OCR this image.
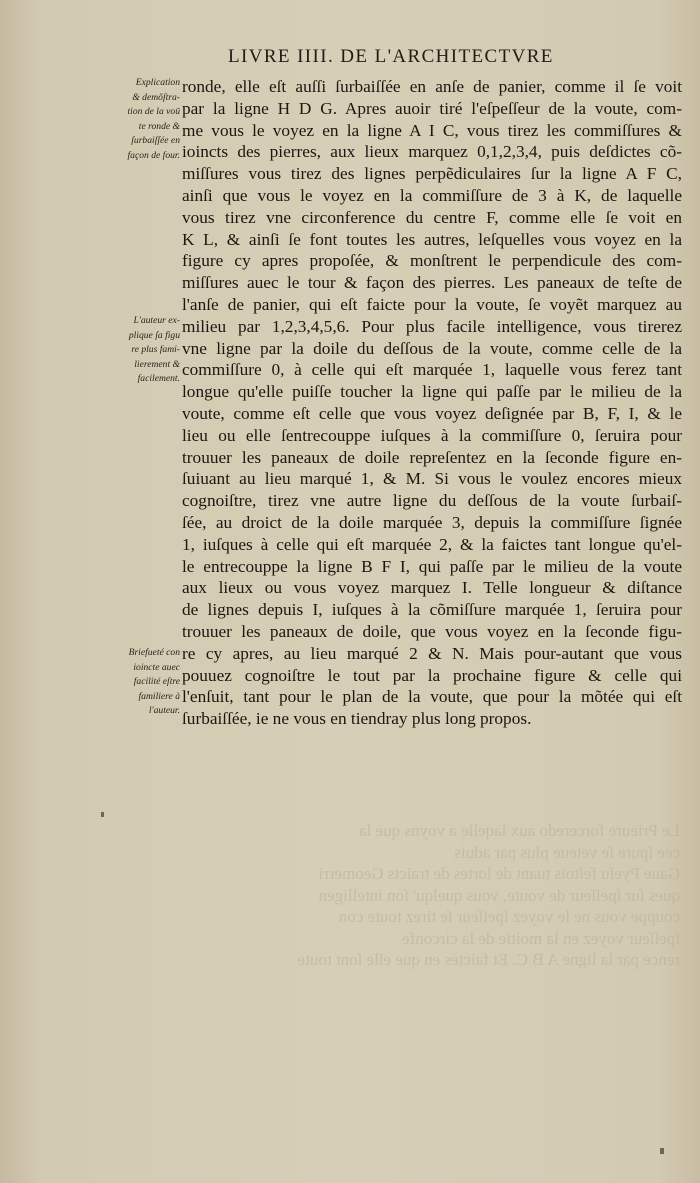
LIVRE IIII. DE L'ARCHITECTVRE
Explication
& demõſtra-
tion de la voū
te ronde &
ſurbaiſſée en
façon de four.
L'auteur ex-
plique ſa figu
re plus fami-
lierement &
facilement.
Briefueté con
ioincte auec
facilité eſtre
familiere à
l'auteur.
ronde, elle eſt auſſi ſurbaiſſée en anſe de panier, comme il ſe voit
par la ligne H D G. Apres auoir tiré l'eſpeſſeur de la voute, com-
me vous le voyez en la ligne A I C, vous tirez les commiſſures &
ioincts des pierres, aux lieux marquez 0,1,2,3,4, puis deſdictes cõ-
miſſures vous tirez des lignes perpẽdiculaires ſur la ligne A F C,
ainſi que vous le voyez en la commiſſure de 3 à K, de laquelle
vous tirez vne circonference du centre F, comme elle ſe voit en
K L, & ainſi ſe font toutes les autres, leſquelles vous voyez en la
figure cy apres propoſée, & monſtrent le perpendicule des com-
miſſures auec le tour & façon des pierres. Les paneaux de teſte de
l'anſe de panier, qui eſt faicte pour la voute, ſe voyẽt marquez au
milieu par 1,2,3,4,5,6. Pour plus facile intelligence, vous tirerez
vne ligne par la doile du deſſous de la voute, comme celle de la
commiſſure 0, à celle qui eſt marquée 1, laquelle vous ferez tant
longue qu'elle puiſſe toucher la ligne qui paſſe par le milieu de la
voute, comme eſt celle que vous voyez deſignée par B, F, I, & le
lieu ou elle ſentrecouppe iuſques à la commiſſure 0, ſeruira pour
trouuer les paneaux de doile repreſentez en la ſeconde figure en-
ſuiuant au lieu marqué 1, & M. Si vous le voulez encores mieux
cognoiſtre, tirez vne autre ligne du deſſous de la voute ſurbaiſ-
ſée, au droict de la doile marquée 3, depuis la commiſſure ſignée
1, iuſques à celle qui eſt marquée 2, & la faictes tant longue qu'el-
le entrecouppe la ligne B F I, qui paſſe par le milieu de la voute
aux lieux ou vous voyez marquez I. Telle longueur & diſtance
de lignes depuis I, iuſques à la cõmiſſure marquée 1, ſeruira pour
trouuer les paneaux de doile, que vous voyez en la ſeconde figu-
re cy apres, au lieu marqué 2 & N. Mais pour-autant que vous
pouuez cognoiſtre le tout par la prochaine figure & celle qui
l'enſuit, tant pour le plan de la voute, que pour la mõtée qui eſt
ſurbaiſſée, ie ne vous en tiendray plus long propos.
Le Prieure forceredo aux laqelle a voyns que la
cee ſpure ſe veteue plus par aduis
Gaue Pyeſu feſtois tuant de lortes de traicts Geomerri
ques ſur ſpeſſeur de voute, vous quelqu' ſon intelligen
couppe vous ne le voyez ſpeſſeur ſe tirez toute con
ſpeſſeur voyez en la moitie de la circonfe
rence par la ligne A B C. Et faictes en que elle ſont toute
